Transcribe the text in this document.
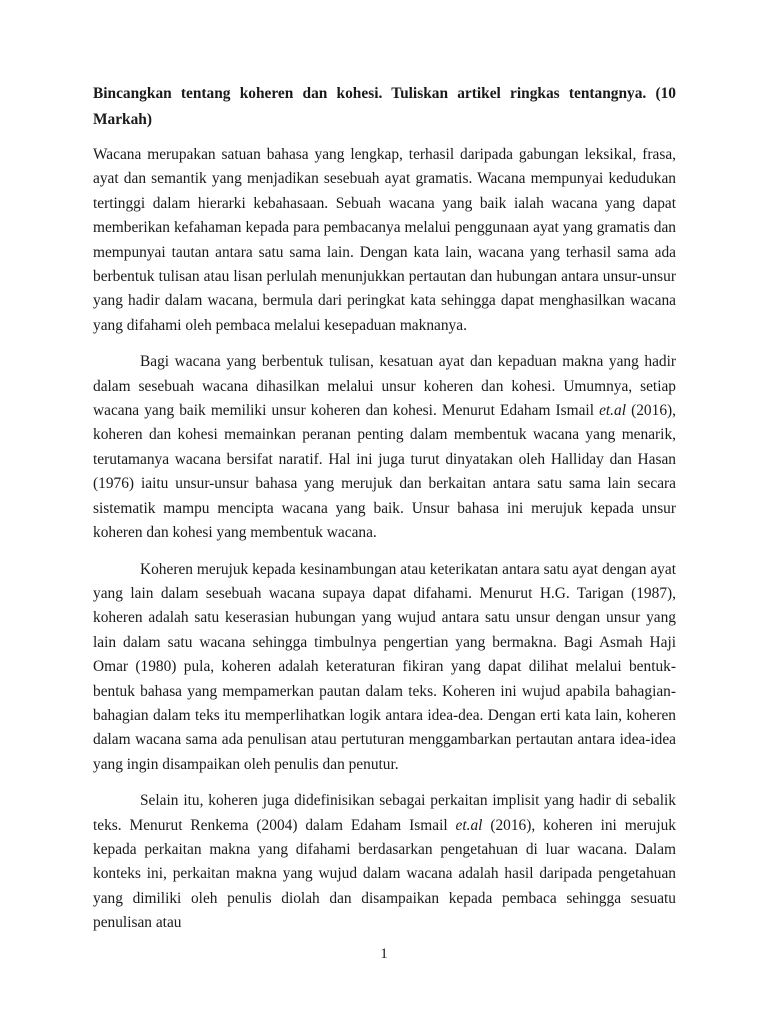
Bincangkan tentang koheren dan kohesi. Tuliskan artikel ringkas tentangnya. (10 Markah)

Wacana merupakan satuan bahasa yang lengkap, terhasil daripada gabungan leksikal, frasa, ayat dan semantik yang menjadikan sesebuah ayat gramatis. Wacana mempunyai kedudukan tertinggi dalam hierarki kebahasaan. Sebuah wacana yang baik ialah wacana yang dapat memberikan kefahaman kepada para pembacanya melalui penggunaan ayat yang gramatis dan mempunyai tautan antara satu sama lain. Dengan kata lain, wacana yang terhasil sama ada berbentuk tulisan atau lisan perlulah menunjukkan pertautan dan hubungan antara unsur-unsur yang hadir dalam wacana, bermula dari peringkat kata sehingga dapat menghasilkan wacana yang difahami oleh pembaca melalui kesepaduan maknanya.

Bagi wacana yang berbentuk tulisan, kesatuan ayat dan kepaduan makna yang hadir dalam sesebuah wacana dihasilkan melalui unsur koheren dan kohesi. Umumnya, setiap wacana yang baik memiliki unsur koheren dan kohesi. Menurut Edaham Ismail et.al (2016), koheren dan kohesi memainkan peranan penting dalam membentuk wacana yang menarik, terutamanya wacana bersifat naratif. Hal ini juga turut dinyatakan oleh Halliday dan Hasan (1976) iaitu unsur-unsur bahasa yang merujuk dan berkaitan antara satu sama lain secara sistematik mampu mencipta wacana yang baik. Unsur bahasa ini merujuk kepada unsur koheren dan kohesi yang membentuk wacana.

Koheren merujuk kepada kesinambungan atau keterikatan antara satu ayat dengan ayat yang lain dalam sesebuah wacana supaya dapat difahami. Menurut H.G. Tarigan (1987), koheren adalah satu keserasian hubungan yang wujud antara satu unsur dengan unsur yang lain dalam satu wacana sehingga timbulnya pengertian yang bermakna. Bagi Asmah Haji Omar (1980) pula, koheren adalah keteraturan fikiran yang dapat dilihat melalui bentuk-bentuk bahasa yang mempamerkan pautan dalam teks. Koheren ini wujud apabila bahagian-bahagian dalam teks itu memperlihatkan logik antara idea-dea. Dengan erti kata lain, koheren dalam wacana sama ada penulisan atau pertuturan menggambarkan pertautan antara idea-idea yang ingin disampaikan oleh penulis dan penutur.

Selain itu, koheren juga didefinisikan sebagai perkaitan implisit yang hadir di sebalik teks. Menurut Renkema (2004) dalam Edaham Ismail et.al (2016), koheren ini merujuk kepada perkaitan makna yang difahami berdasarkan pengetahuan di luar wacana. Dalam konteks ini, perkaitan makna yang wujud dalam wacana adalah hasil daripada pengetahuan yang dimiliki oleh penulis diolah dan disampaikan kepada pembaca sehingga sesuatu penulisan atau

1
